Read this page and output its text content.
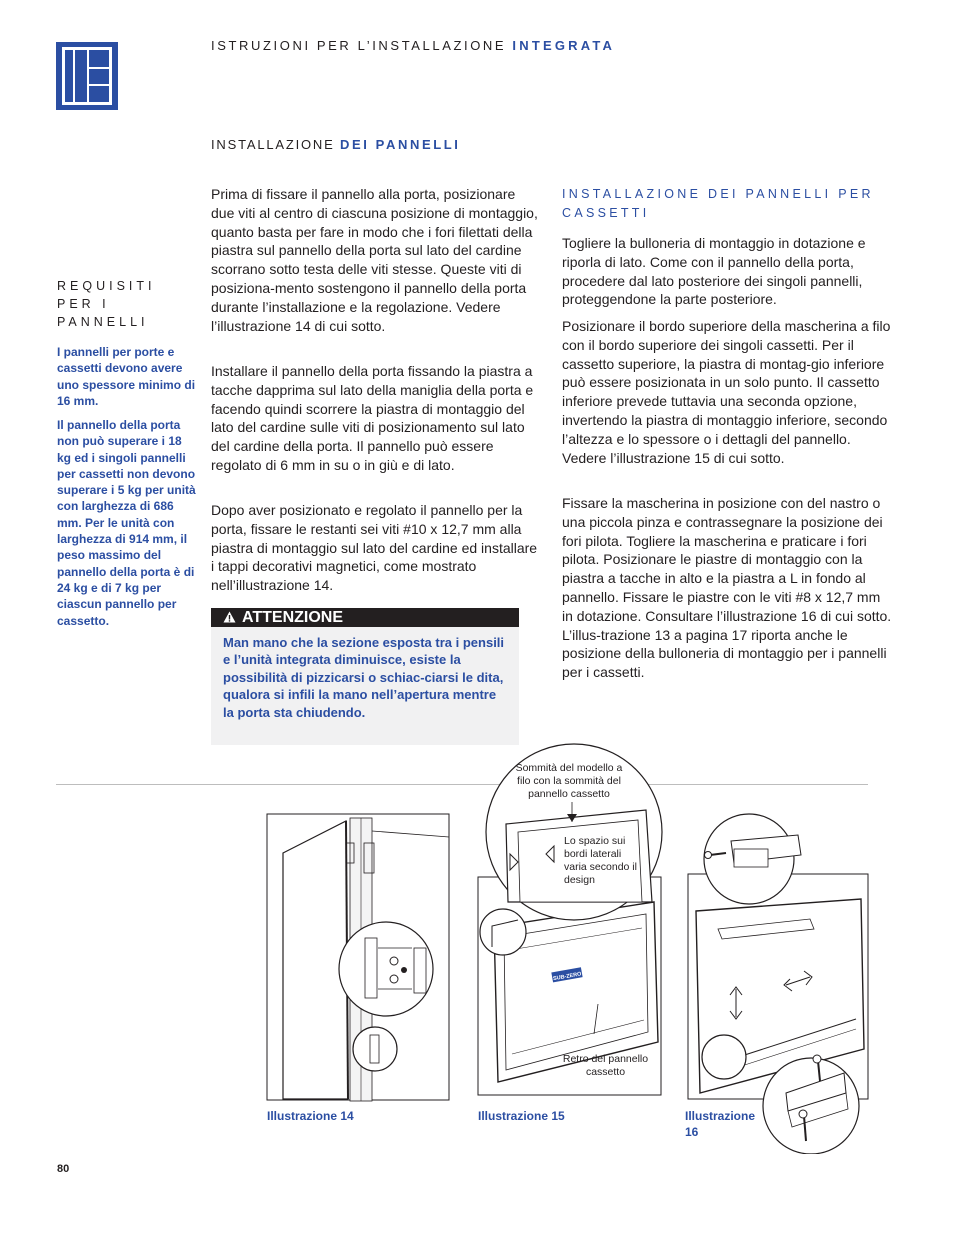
ISTRUZIONI PER L’INSTALLAZIONE INTEGRATA
INSTALLAZIONE DEI PANNELLI
REQUISITI PER I PANNELLI

I pannelli per porte e cassetti devono avere uno spessore minimo di 16 mm.

Il pannello della porta non può superare i 18 kg ed i singoli pannelli per cassetti non devono superare i 5 kg per unità con larghezza di 686 mm. Per le unità con larghezza di 914 mm, il peso massimo del pannello della porta è di 24 kg e di 7 kg per ciascun pannello per cassetto.

Prima di fissare il pannello alla porta, posizionare due viti al centro di ciascuna posizione di montaggio, quanto basta per fare in modo che i fori filettati della piastra sul pannello della porta sul lato del cardine scorrano sotto testa delle viti stesse. Queste viti di posiziona-mento sostengono il pannello della porta durante l’installazione e la regolazione. Vedere l’illustrazione 14 di cui sotto.

Installare il pannello della porta fissando la piastra a tacche dapprima sul lato della maniglia della porta e facendo quindi scorrere la piastra di montaggio del lato del cardine sulle viti di posizionamento sul lato del cardine della porta. Il pannello può essere regolato di 6 mm in su o in giù e di lato.

Dopo aver posizionato e regolato il pannello per la porta, fissare le restanti sei viti #10 x 12,7 mm alla piastra di montaggio sul lato del cardine ed installare i tappi decorativi magnetici, come mostrato nell’illustrazione 14.

ATTENZIONE
Man mano che la sezione esposta tra i pensili e l’unità integrata diminuisce, esiste la possibilità di pizzicarsi o schiac-ciarsi le dita, qualora si infili la mano nell’apertura mentre la porta sta chiudendo.
INSTALLAZIONE DEI PANNELLI PER CASSETTI

Togliere la bulloneria di montaggio in dotazione e riporla di lato. Come con il pannello della porta, procedere dal lato posteriore dei singoli pannelli, proteggendone la parte posteriore.

Posizionare il bordo superiore della mascherina a filo con il bordo superiore dei singoli cassetti. Per il cassetto superiore, la piastra di montag-gio inferiore può essere posizionata in un solo punto. Il cassetto inferiore prevede tuttavia una seconda opzione, invertendo la piastra di montaggio inferiore, secondo l’altezza e lo spessore o i dettagli del pannello. Vedere l’illustrazione 15 di cui sotto.

Fissare la mascherina in posizione con del nastro o una piccola pinza e contrassegnare la posizione dei fori pilota. Togliere la mascherina e praticare i fori pilota. Posizionare le piastre di montaggio con la piastra a tacche in alto e la piastra a L in fondo al pannello. Fissare le piastre con le viti #8 x 12,7 mm in dotazione. Consultare l’illustrazione 16 di cui sotto. L’illus-trazione 13 a pagina 17 riporta anche le posizione della bulloneria di montaggio per i pannelli per i cassetti.

SUB-ZERO
Sommità del modello a filo con la sommità del pannello cassetto
Lo spazio sui bordi laterali varia secondo il design
Retro del pannello cassetto
Illustrazione 14	Illustrazione 15	Illustrazione 16
80
